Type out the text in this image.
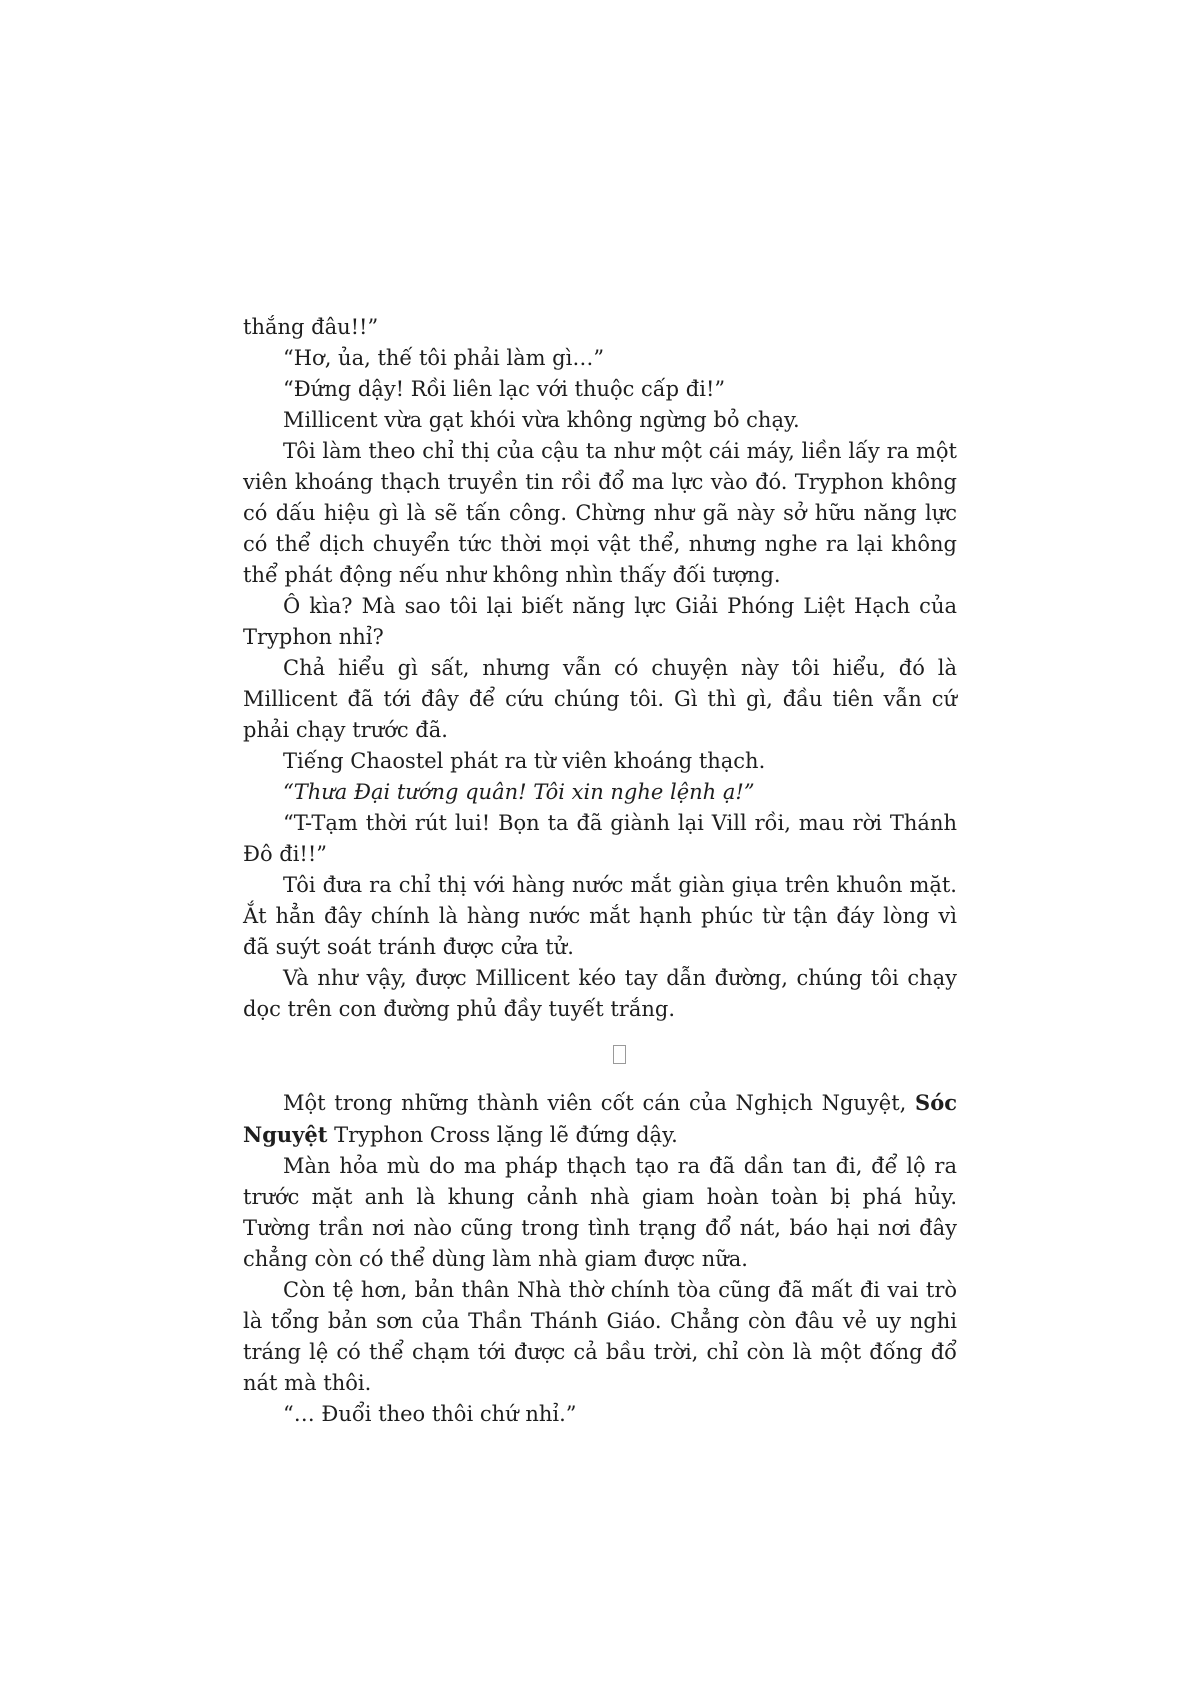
thắng đâu!!”

“Hơ, ủa, thế tôi phải làm gì…”

“Đứng dậy! Rồi liên lạc với thuộc cấp đi!”

Millicent vừa gạt khói vừa không ngừng bỏ chạy.

Tôi làm theo chỉ thị của cậu ta như một cái máy, liền lấy ra một viên khoáng thạch truyền tin rồi đổ ma lực vào đó. Tryphon không có dấu hiệu gì là sẽ tấn công. Chừng như gã này sở hữu năng lực có thể dịch chuyển tức thời mọi vật thể, nhưng nghe ra lại không thể phát động nếu như không nhìn thấy đối tượng.

Ô kìa? Mà sao tôi lại biết năng lực Giải Phóng Liệt Hạch của Tryphon nhỉ?

Chả hiểu gì sất, nhưng vẫn có chuyện này tôi hiểu, đó là Millicent đã tới đây để cứu chúng tôi. Gì thì gì, đầu tiên vẫn cứ phải chạy trước đã.

Tiếng Chaostel phát ra từ viên khoáng thạch.

“Thưa Đại tướng quân! Tôi xin nghe lệnh ạ!”

“T-Tạm thời rút lui! Bọn ta đã giành lại Vill rồi, mau rời Thánh Đô đi!!”

Tôi đưa ra chỉ thị với hàng nước mắt giàn giụa trên khuôn mặt. Ắt hẳn đây chính là hàng nước mắt hạnh phúc từ tận đáy lòng vì đã suýt soát tránh được cửa tử.

Và như vậy, được Millicent kéo tay dẫn đường, chúng tôi chạy dọc trên con đường phủ đầy tuyết trắng.

Một trong những thành viên cốt cán của Nghịch Nguyệt, Sóc Nguyệt Tryphon Cross lặng lẽ đứng dậy.

Màn hỏa mù do ma pháp thạch tạo ra đã dần tan đi, để lộ ra trước mặt anh là khung cảnh nhà giam hoàn toàn bị phá hủy. Tường trần nơi nào cũng trong tình trạng đổ nát, báo hại nơi đây chẳng còn có thể dùng làm nhà giam được nữa.

Còn tệ hơn, bản thân Nhà thờ chính tòa cũng đã mất đi vai trò là tổng bản sơn của Thần Thánh Giáo. Chẳng còn đâu vẻ uy nghi tráng lệ có thể chạm tới được cả bầu trời, chỉ còn là một đống đổ nát mà thôi.

“… Đuổi theo thôi chứ nhỉ.”
